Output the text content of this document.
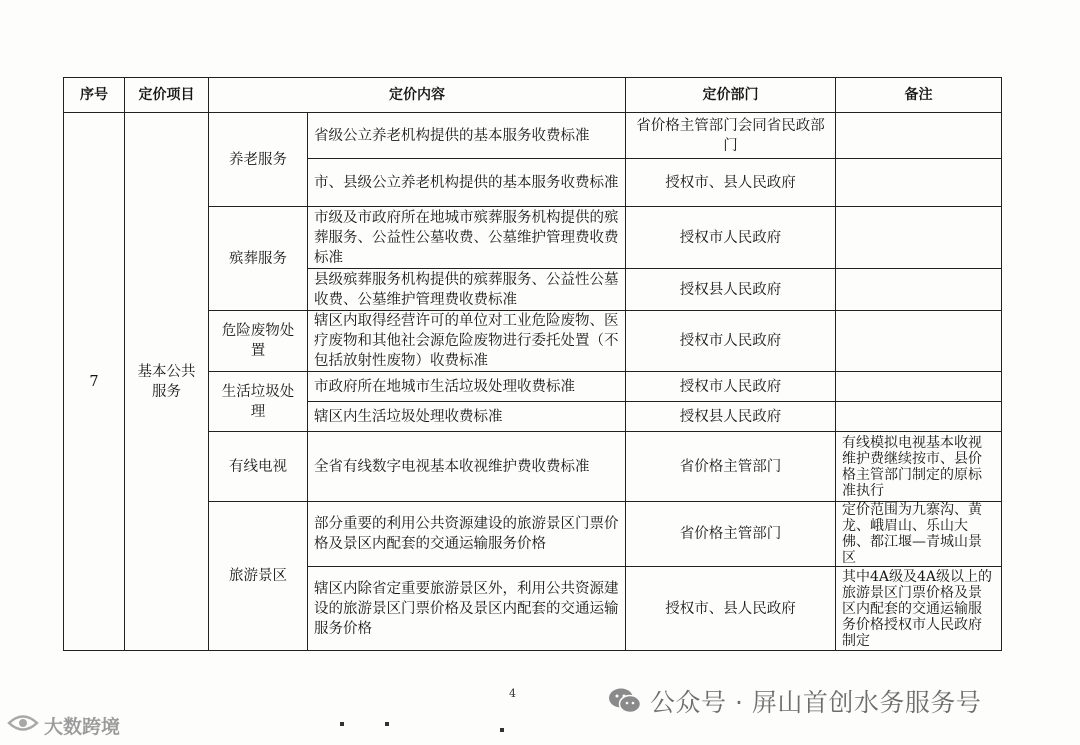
序号	定价项目	定价内容		定价部门	备注
7	基本公共服务	养老服务	省级公立养老机构提供的基本服务收费标准	省价格主管部门会同省民政部门	
			市、县级公立养老机构提供的基本服务收费标准	授权市、县人民政府	
		殡葬服务	市级及市政府所在地城市殡葬服务机构提供的殡葬服务、公益性公墓收费、公墓维护管理费收费标准	授权市人民政府	
			县级殡葬服务机构提供的殡葬服务、公益性公墓收费、公墓维护管理费收费标准	授权县人民政府	
		危险废物处置	辖区内取得经营许可的单位对工业危险废物、医疗废物和其他社会源危险废物进行委托处置（不包括放射性废物）收费标准	授权市人民政府	
		生活垃圾处理	市政府所在地城市生活垃圾处理收费标准	授权市人民政府	
			辖区内生活垃圾处理收费标准	授权县人民政府	
		有线电视	全省有线数字电视基本收视维护费收费标准	省价格主管部门	有线模拟电视基本收视维护费继续按市、县价格主管部门制定的原标准执行
		旅游景区	部分重要的利用公共资源建设的旅游景区门票价格及景区内配套的交通运输服务价格	省价格主管部门	定价范围为九寨沟、黄龙、峨眉山、乐山大佛、都江堰—青城山景区
			辖区内除省定重要旅游景区外，利用公共资源建设的旅游景区门票价格及景区内配套的交通运输服务价格	授权市、县人民政府	其中4A级及4A级以上的旅游景区门票价格及景区内配套的交通运输服务价格授权市人民政府制定
4	公众号 · 屏山首创水务服务号
大数跨境
